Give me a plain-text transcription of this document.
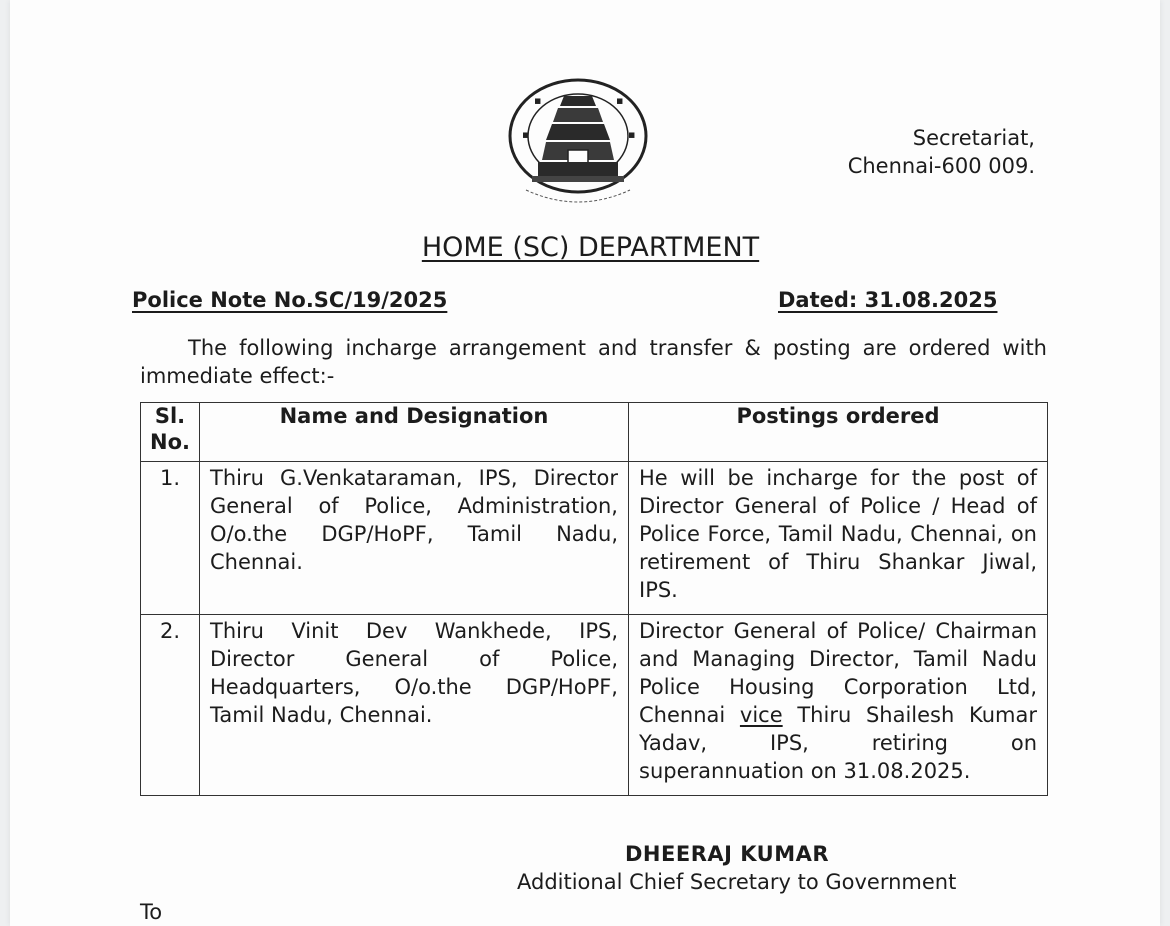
▪	▪
▪	▪
Secretariat,
Chennai-600 009.
HOME (SC) DEPARTMENT
Police Note No.SC/19/2025	Dated: 31.08.2025
The following incharge arrangement and transfer & posting are ordered with immediate effect:-
Sl.
No.	Name and Designation	Postings ordered
1.	Thiru G.Venkataraman, IPS, Director General of Police, Administration, O/o.the DGP/HoPF, Tamil Nadu, Chennai.	He will be incharge for the post of Director General of Police / Head of Police Force, Tamil Nadu, Chennai, on retirement of Thiru Shankar Jiwal, IPS.
2.	Thiru Vinit Dev Wankhede, IPS, Director General of Police, Headquarters, O/o.the DGP/HoPF, Tamil Nadu, Chennai.	Director General of Police/ Chairman and Managing Director, Tamil Nadu Police Housing Corporation Ltd, Chennai vice Thiru Shailesh Kumar Yadav, IPS, retiring on superannuation on 31.08.2025.
DHEERAJ KUMAR
Additional Chief Secretary to Government
To
